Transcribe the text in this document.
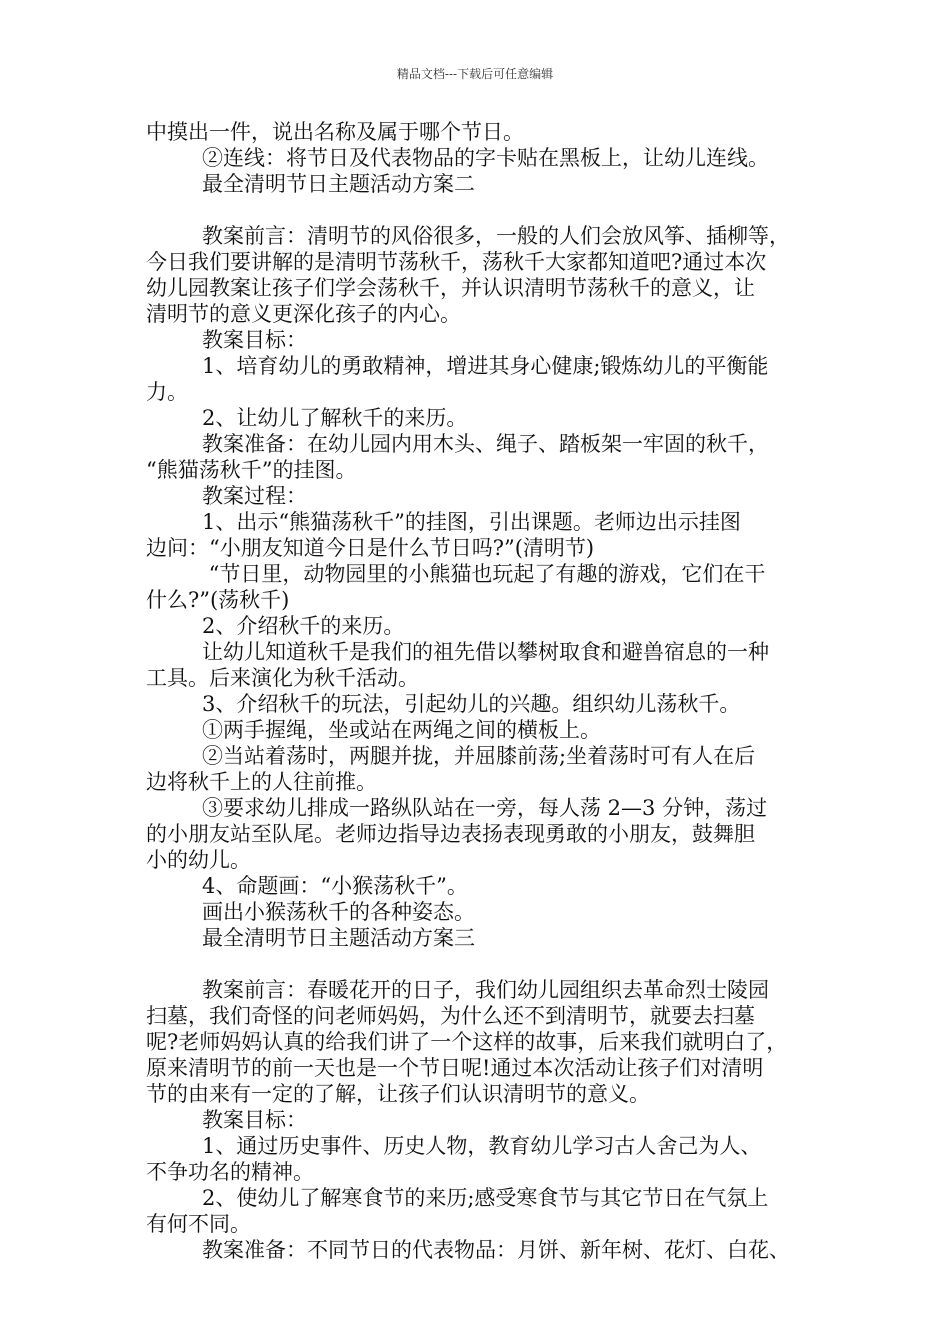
精品文档---下载后可任意编辑

中摸出一件，说出名称及属于哪个节日。

②连线：将节日及代表物品的字卡贴在黑板上，让幼儿连线。

最全清明节日主题活动方案二

教案前言：清明节的风俗很多，一般的人们会放风筝、插柳等，

今日我们要讲解的是清明节荡秋千，荡秋千大家都知道吧?通过本次

幼儿园教案让孩子们学会荡秋千，并认识清明节荡秋千的意义，让

清明节的意义更深化孩子的内心。

教案目标：

1、培育幼儿的勇敢精神，增进其身心健康;锻炼幼儿的平衡能

力。

2、让幼儿了解秋千的来历。

教案准备：在幼儿园内用木头、绳子、踏板架一牢固的秋千，

“熊猫荡秋千”的挂图。

教案过程：

1、出示“熊猫荡秋千”的挂图，引出课题。老师边出示挂图

边问：“小朋友知道今日是什么节日吗?”(清明节)

“节日里，动物园里的小熊猫也玩起了有趣的游戏，它们在干

什么?”(荡秋千)

2、介绍秋千的来历。

让幼儿知道秋千是我们的祖先借以攀树取食和避兽宿息的一种

工具。后来演化为秋千活动。

3、介绍秋千的玩法，引起幼儿的兴趣。组织幼儿荡秋千。

①两手握绳，坐或站在两绳之间的横板上。

②当站着荡时，两腿并拢，并屈膝前荡;坐着荡时可有人在后

边将秋千上的人往前推。

③要求幼儿排成一路纵队站在一旁，每人荡 2—3 分钟，荡过

的小朋友站至队尾。老师边指导边表扬表现勇敢的小朋友，鼓舞胆

小的幼儿。

4、命题画：“小猴荡秋千”。

画出小猴荡秋千的各种姿态。

最全清明节日主题活动方案三

教案前言：春暖花开的日子，我们幼儿园组织去革命烈士陵园

扫墓，我们奇怪的问老师妈妈，为什么还不到清明节，就要去扫墓

呢?老师妈妈认真的给我们讲了一个这样的故事，后来我们就明白了，

原来清明节的前一天也是一个节日呢!通过本次活动让孩子们对清明

节的由来有一定的了解，让孩子们认识清明节的意义。

教案目标：

1、通过历史事件、历史人物，教育幼儿学习古人舍己为人、

不争功名的精神。

2、使幼儿了解寒食节的来历;感受寒食节与其它节日在气氛上

有何不同。

教案准备：不同节日的代表物品：月饼、新年树、花灯、白花、
